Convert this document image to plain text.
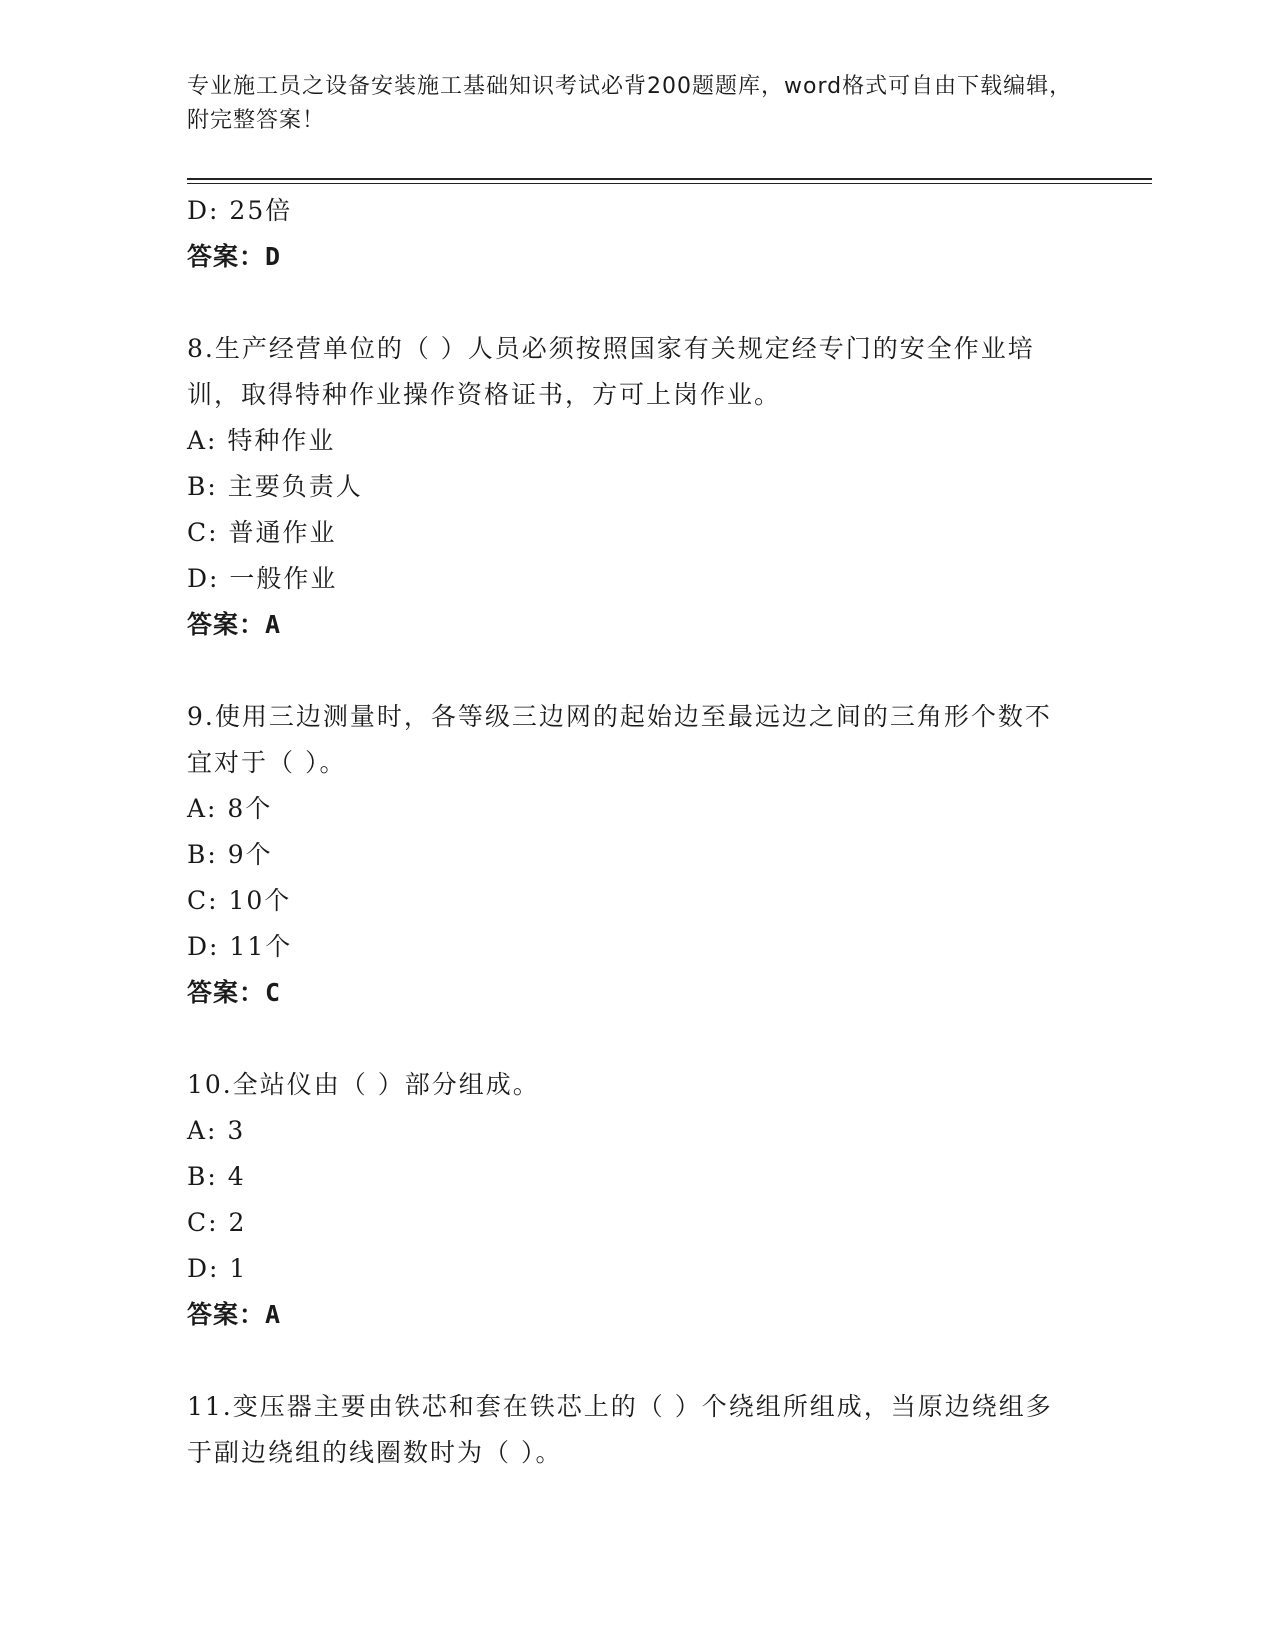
专业施工员之设备安装施工基础知识考试必背200题题库，word格式可自由下载编辑，附完整答案！
D: 25倍
答案：D
8.生产经营单位的（ ）人员必须按照国家有关规定经专门的安全作业培训，取得特种作业操作资格证书，方可上岗作业。
A: 特种作业
B: 主要负责人
C: 普通作业
D: 一般作业
答案：A
9.使用三边测量时，各等级三边网的起始边至最远边之间的三角形个数不宜对于（ ）。
A: 8个
B: 9个
C: 10个
D: 11个
答案：C
10.全站仪由（ ）部分组成。
A: 3
B: 4
C: 2
D: 1
答案：A
11.变压器主要由铁芯和套在铁芯上的（ ）个绕组所组成，当原边绕组多于副边绕组的线圈数时为（ ）。
